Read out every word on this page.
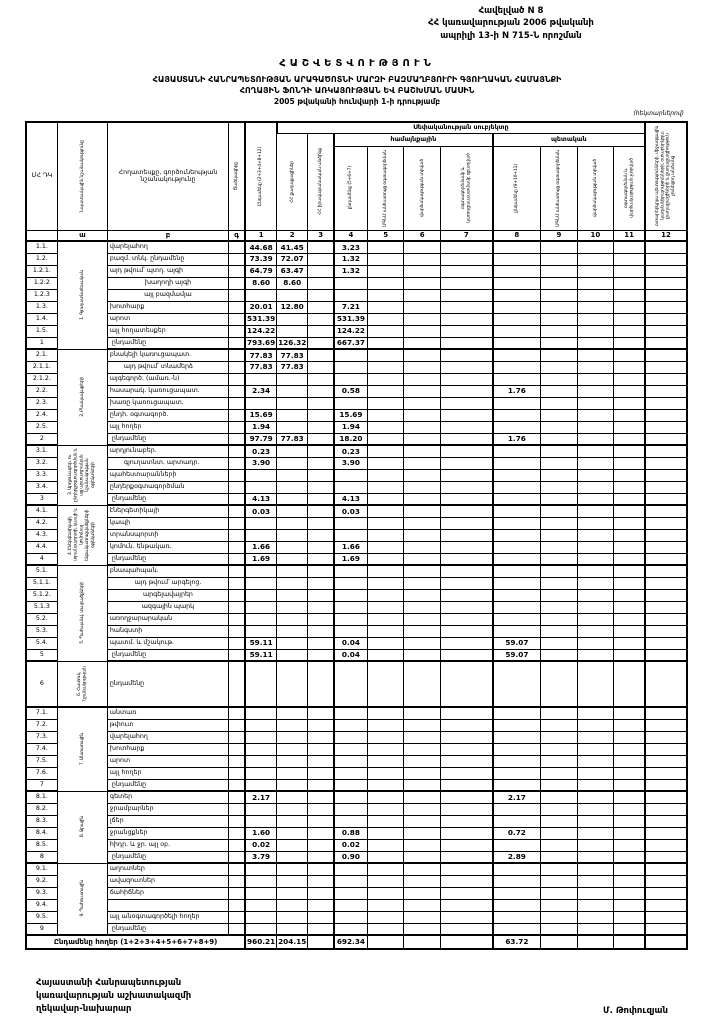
Հավելված N 8
ՀՀ կառավարության 2006 թվականի
ապրիլի 13-ի N 715-Ն որոշման
ՀԱՇՎԵՏՎՈՒԹՅՈՒՆ
ՀԱՅԱՍՏԱՆԻ ՀԱՆՐԱՊԵՏՈՒԹՅԱՆ ԱՐԱԳԱԾՈՏՆԻ ՄԱՐԶԻ ԲԱԶՄԱՂԲՅՈՒՐԻ ԳՅՈՒՂԱԿԱՆ ՀԱՄԱՅՆՔԻ
ՀՈՂԱՅԻՆ ՖՈՆԴԻ ԱՌԿԱՅՈՒԹՅԱՆ ԵՎ ԲԱՇԽՄԱՆ ՄԱՍԻՆ
2005 թվականի հունվարի 1-ի դրությամբ
(հեկտարներով)
ՄՀ ԴԿ	Նպատակային նշանակությունը	Հողատեսքը, գործունեության նշանակությունը	Ծածկագիրը	Ընդամենը (2+3+4+8+12)	Սեփականության սուբյեկտը										օտարերկրյա պետությունների, միջազգային կազմակերպությունների, օտարերկրյա քաղաքացիների և քաղաքացիություն չունեցող անձանց

					ՀՀ քաղաքացիներ	ՀՀ իրավաբանական անձինք	համայնքային				պետական				

							ընդամենը (5+6+7)	ՄԳՆՄ անհատույց օգտագործման	վարձակալության տրված	օգտագործմամբ և կառուցապատմամբ զբաղված	ընդամենը (9+10+11)	ՄԳՆՄ անհատույց օգտագործման	վարձակալության տրված	օգտագործման և վարձակալության չտրված	

	ա	բ	գ	1	2	3	4	5	6	7	8	9	10	11	12
1.1.	1. Գյուղատնտեսական	վարելահող		44.68	41.45		3.23								
1.2.		բազմ. տնկ. ընդամենը		73.39	72.07		1.32								
1.2.1.		այդ թվում՝ պտղ. այգի		64.79	63.47		1.32								
1.2.2		խաղողի այգի		8.60	8.60										
1.2.3		այլ բազմամյա													
1.3.		խոտհարք		20.01	12.80		7.21								
1.4.		արոտ		531.39			531.39								
1.5.		այլ հողատեսքեր		124.22			124.22								
1		ընդամենը		793.69	126.32		667.37								
2.1.	2. Բնակավայրերի	բնակելի կառուցապատ.		77.83	77.83										
2.1.1.		այդ թվում՝ տնամերձ		77.83	77.83										
2.1.2.		այգեգործ. (ամառ.-ն)													
2.2.		հասարակ. կառուցապատ.		2.34			0.58				1.76				
2.3.		խառը կառուցապատ.													
2.4.		ընդհ. օգտագործ.		15.69			15.69								
2.5.		այլ հողեր		1.94			1.94								
2		ընդամենը		97.79	77.83		18.20				1.76				
3.1.	3. Արդյունաբեր. ու ընդերքօգտագործման և այլ արտադրական նշանակության օբյեկտների	արդյունաբեր.		0.23			0.23								
3.2.		գյուղատնտ. արտադր.		3.90			3.90								
3.3.		պահեստարանների													
3.4.		ընդերքօգտագործման													
3		ընդամենը		4.13			4.13								
4.1.	4. Էներգետիկայի, տրանսպորտի, կապի և կոմունալ ենթակառուցվածքների օբյեկտների	էներգետիկայի		0.03			0.03								
4.2.		կապի													
4.3.		տրանսպորտի													
4.4.		կոմուն. ենթակառ.		1.66			1.66								
4		ընդամենը		1.69			1.69								
5.1.	5. Պահպանվ. տարածքների	բնապահպան.													
5.1.1.		այդ թվում՝ արգելոց.													
5.1.2.		արգելավայրեր													
5.1.3		ազգային պարկ													
5.2.		առողջարարական													
5.3.		հանգստի													
5.4.		պատմ. և մշակութ.		59.11			0.04				59.07				
5		ընդամենը		59.11			0.04				59.07				
6	6. Հատուկ նշանակութ-յան	ընդամենը													
7.1.	7. Անտառային	անտառ													
7.2.		թփուտ													
7.3.		վարելահող													
7.4.		խոտհարք													
7.5.		արոտ													
7.6.		այլ հողեր													
7		ընդամենը													
8.1.	8. Ջրային	գետեր		2.17							2.17				
8.2.		ջրամբարներ													
8.3.		լճեր													
8.4.		ջրանցքներ		1.60			0.88				0.72				
8.5.		հիդր. և ջր. այլ օբ.		0.02			0.02								
8		ընդամենը		3.79			0.90				2.89				
9.1.	9. Պահուստային	աղուտներ													
9.2.		ավազուտներ													
9.3.		ճահիճներ													
9.4.															
9.5.		այլ անօգտագործելի հողեր													
9		ընդամենը													
Ընդամենը հողեր (1+2+3+4+5+6+7+8+9)				960.21	204.15		692.34				63.72				
Հայաստանի Հանրապետության
կառավարության աշխատակազմի
ղեկավար-նախարար	Մ. Թոփուզյան
